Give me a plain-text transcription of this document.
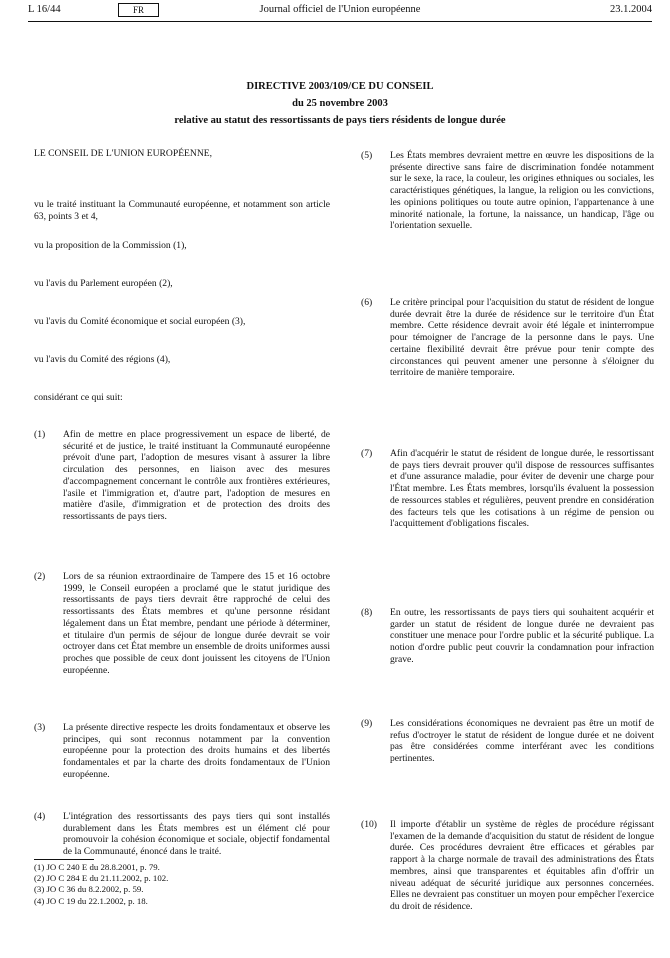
L 16/44	FR	Journal officiel de l'Union européenne	23.1.2004
DIRECTIVE 2003/109/CE DU CONSEIL
du 25 novembre 2003
relative au statut des ressortissants de pays tiers résidents de longue durée

LE CONSEIL DE L'UNION EUROPÉENNE,

vu le traité instituant la Communauté européenne, et notamment son article 63, points 3 et 4,

vu la proposition de la Commission (1),

vu l'avis du Parlement européen (2),

vu l'avis du Comité économique et social européen (3),

vu l'avis du Comité des régions (4),

considérant ce qui suit:

(1) Afin de mettre en place progressivement un espace de liberté, de sécurité et de justice, le traité instituant la Communauté européenne prévoit d'une part, l'adoption de mesures visant à assurer la libre circulation des personnes, en liaison avec des mesures d'accompagnement concernant le contrôle aux frontières extérieures, l'asile et l'immigration et, d'autre part, l'adoption de mesures en matière d'asile, d'immigration et de protection des droits des ressortissants de pays tiers.

(2) Lors de sa réunion extraordinaire de Tampere des 15 et 16 octobre 1999, le Conseil européen a proclamé que le statut juridique des ressortissants de pays tiers devrait être rapproché de celui des ressortissants des États membres et qu'une personne résidant légalement dans un État membre, pendant une période à déterminer, et titulaire d'un permis de séjour de longue durée devrait se voir octroyer dans cet État membre un ensemble de droits uniformes aussi proches que possible de ceux dont jouissent les citoyens de l'Union européenne.

(3) La présente directive respecte les droits fondamentaux et observe les principes, qui sont reconnus notamment par la convention européenne pour la protection des droits humains et des libertés fondamentales et par la charte des droits fondamentaux de l'Union européenne.

(4) L'intégration des ressortissants des pays tiers qui sont installés durablement dans les États membres est un élément clé pour promouvoir la cohésion économique et sociale, objectif fondamental de la Communauté, énoncé dans le traité.

(5) Les États membres devraient mettre en œuvre les dispositions de la présente directive sans faire de discrimination fondée notamment sur le sexe, la race, la couleur, les origines ethniques ou sociales, les caractéristiques génétiques, la langue, la religion ou les convictions, les opinions politiques ou toute autre opinion, l'appartenance à une minorité nationale, la fortune, la naissance, un handicap, l'âge ou l'orientation sexuelle.

(6) Le critère principal pour l'acquisition du statut de résident de longue durée devrait être la durée de résidence sur le territoire d'un État membre. Cette résidence devrait avoir été légale et ininterrompue pour témoigner de l'ancrage de la personne dans le pays. Une certaine flexibilité devrait être prévue pour tenir compte des circonstances qui peuvent amener une personne à s'éloigner du territoire de manière temporaire.

(7) Afin d'acquérir le statut de résident de longue durée, le ressortissant de pays tiers devrait prouver qu'il dispose de ressources suffisantes et d'une assurance maladie, pour éviter de devenir une charge pour l'État membre. Les États membres, lorsqu'ils évaluent la possession de ressources stables et régulières, peuvent prendre en considération des facteurs tels que les cotisations à un régime de pension ou l'acquittement d'obligations fiscales.

(8) En outre, les ressortissants de pays tiers qui souhaitent acquérir et garder un statut de résident de longue durée ne devraient pas constituer une menace pour l'ordre public et la sécurité publique. La notion d'ordre public peut couvrir la condamnation pour infraction grave.

(9) Les considérations économiques ne devraient pas être un motif de refus d'octroyer le statut de résident de longue durée et ne doivent pas être considérées comme interférant avec les conditions pertinentes.

(10) Il importe d'établir un système de règles de procédure régissant l'examen de la demande d'acquisition du statut de résident de longue durée. Ces procédures devraient être efficaces et gérables par rapport à la charge normale de travail des administrations des États membres, ainsi que transparentes et équitables afin d'offrir un niveau adéquat de sécurité juridique aux personnes concernées. Elles ne devraient pas constituer un moyen pour empêcher l'exercice du droit de résidence.

(1) JO C 240 E du 28.8.2001, p. 79.
(2) JO C 284 E du 21.11.2002, p. 102.
(3) JO C 36 du 8.2.2002, p. 59.
(4) JO C 19 du 22.1.2002, p. 18.
